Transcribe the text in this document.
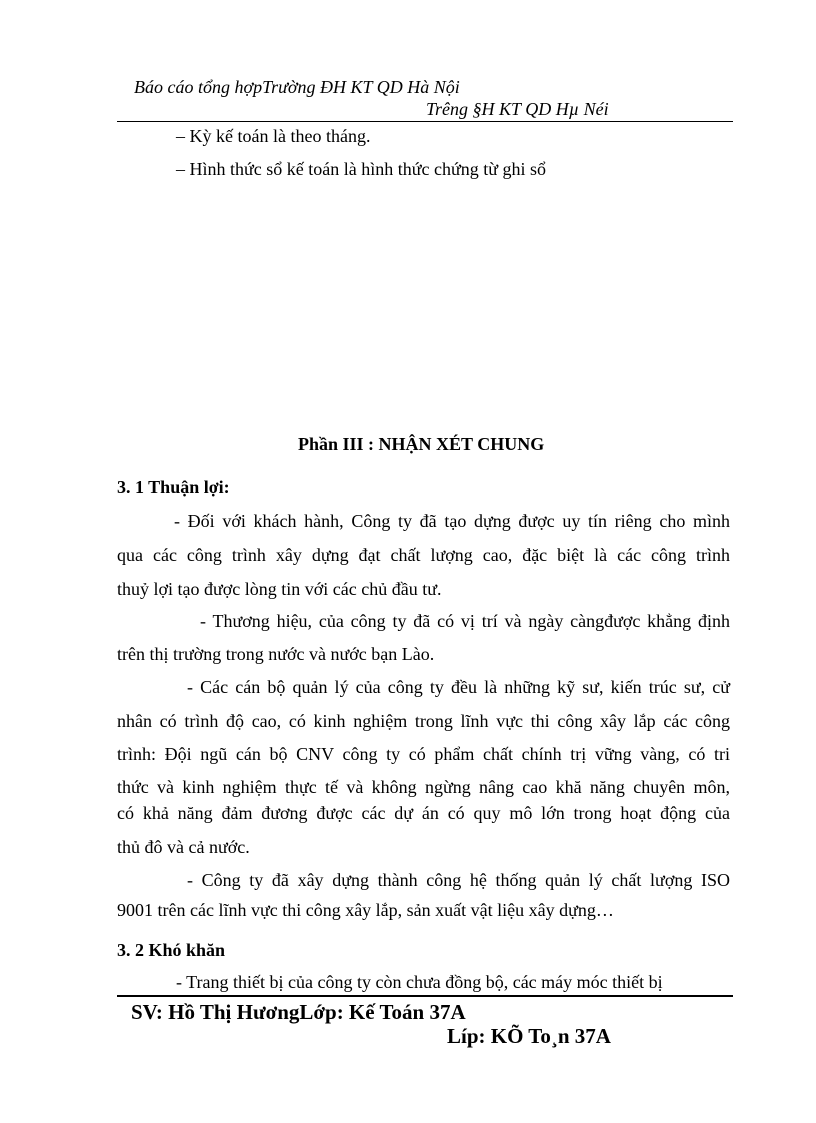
Báo cáo tổng hợpTrường ĐH KT QD Hà Nội
Trêng §H KT QD Hµ Néi
– Kỳ kế toán là theo tháng.
– Hình thức sổ kế toán là hình thức chứng từ ghi sổ
Phần III : NHẬN XÉT CHUNG
3. 1 Thuận lợi:
- Đối với khách hành, Công ty đã tạo dựng được uy tín riêng cho mình
qua các công trình xây dựng đạt chất lượng cao, đặc biệt là các công trình
thuỷ lợi tạo được lòng tin với các chủ đầu tư.
- Thương hiệu, của công ty đã có vị trí và ngày càngđược khẳng định
trên thị trường trong nước và nước bạn Lào.
- Các cán bộ quản lý của công ty đều là những kỹ sư, kiến trúc sư, cử
nhân có trình độ cao, có kinh nghiệm trong lĩnh vực thi công xây lắp các công
trình: Đội ngũ cán bộ CNV công ty có phẩm chất chính trị vững vàng, có tri
thức và kinh nghiệm thực tế và không ngừng nâng cao khă năng chuyên môn,
có khả năng đảm đương được các dự án có quy mô lớn trong hoạt động của
thủ đô và cả nước.
- Công ty đã xây dựng thành công hệ thống quản lý chất lượng ISO
9001 trên các lĩnh vực thi công xây lắp, sản xuất vật liệu xây dựng…
3. 2 Khó khăn
- Trang thiết bị của công ty còn chưa đồng bộ, các máy móc thiết bị
SV: Hồ Thị HươngLớp: Kế Toán 37A
Líp: KÕ To¸n 37A
